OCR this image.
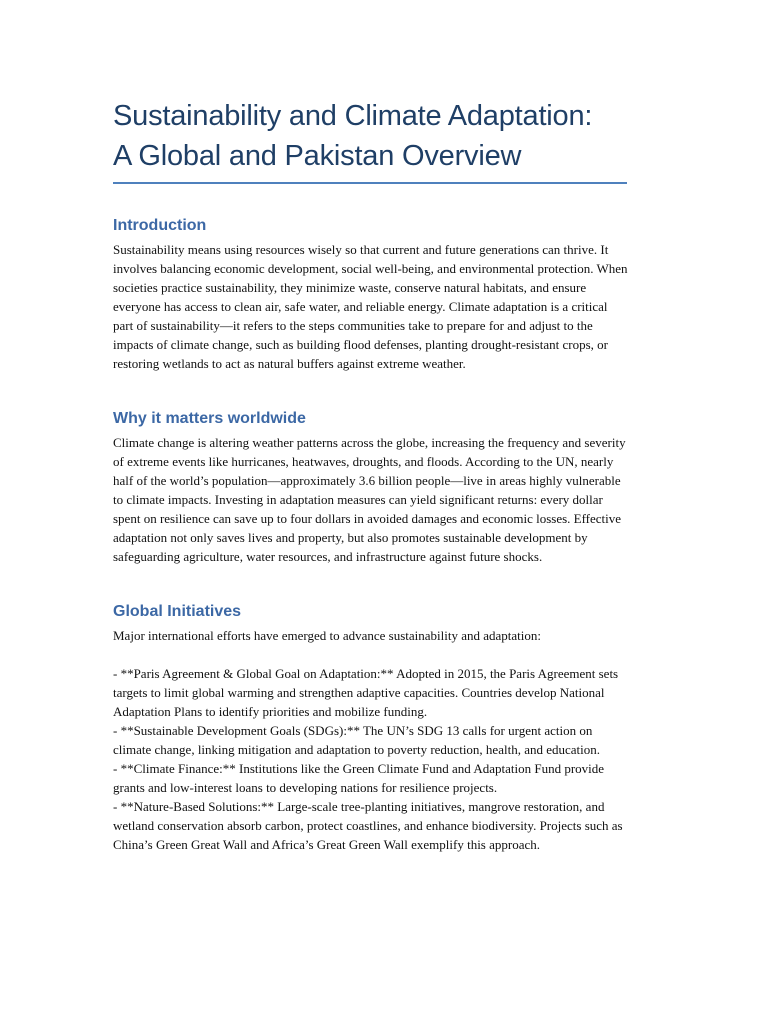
Sustainability and Climate Adaptation:
A Global and Pakistan Overview
Introduction

Sustainability means using resources wisely so that current and future generations can thrive. It involves balancing economic development, social well-being, and environmental protection. When societies practice sustainability, they minimize waste, conserve natural habitats, and ensure everyone has access to clean air, safe water, and reliable energy. Climate adaptation is a critical part of sustainability—it refers to the steps communities take to prepare for and adjust to the impacts of climate change, such as building flood defenses, planting drought-resistant crops, or restoring wetlands to act as natural buffers against extreme weather.

Why it matters worldwide

Climate change is altering weather patterns across the globe, increasing the frequency and severity of extreme events like hurricanes, heatwaves, droughts, and floods. According to the UN, nearly half of the world’s population—approximately 3.6 billion people—live in areas highly vulnerable to climate impacts. Investing in adaptation measures can yield significant returns: every dollar spent on resilience can save up to four dollars in avoided damages and economic losses. Effective adaptation not only saves lives and property, but also promotes sustainable development by safeguarding agriculture, water resources, and infrastructure against future shocks.

Global Initiatives

Major international efforts have emerged to advance sustainability and adaptation:

- **Paris Agreement & Global Goal on Adaptation:** Adopted in 2015, the Paris Agreement sets targets to limit global warming and strengthen adaptive capacities. Countries develop National Adaptation Plans to identify priorities and mobilize funding.

- **Sustainable Development Goals (SDGs):** The UN’s SDG 13 calls for urgent action on climate change, linking mitigation and adaptation to poverty reduction, health, and education.

- **Climate Finance:** Institutions like the Green Climate Fund and Adaptation Fund provide grants and low-interest loans to developing nations for resilience projects.

- **Nature-Based Solutions:** Large-scale tree-planting initiatives, mangrove restoration, and wetland conservation absorb carbon, protect coastlines, and enhance biodiversity. Projects such as China’s Green Great Wall and Africa’s Great Green Wall exemplify this approach.
